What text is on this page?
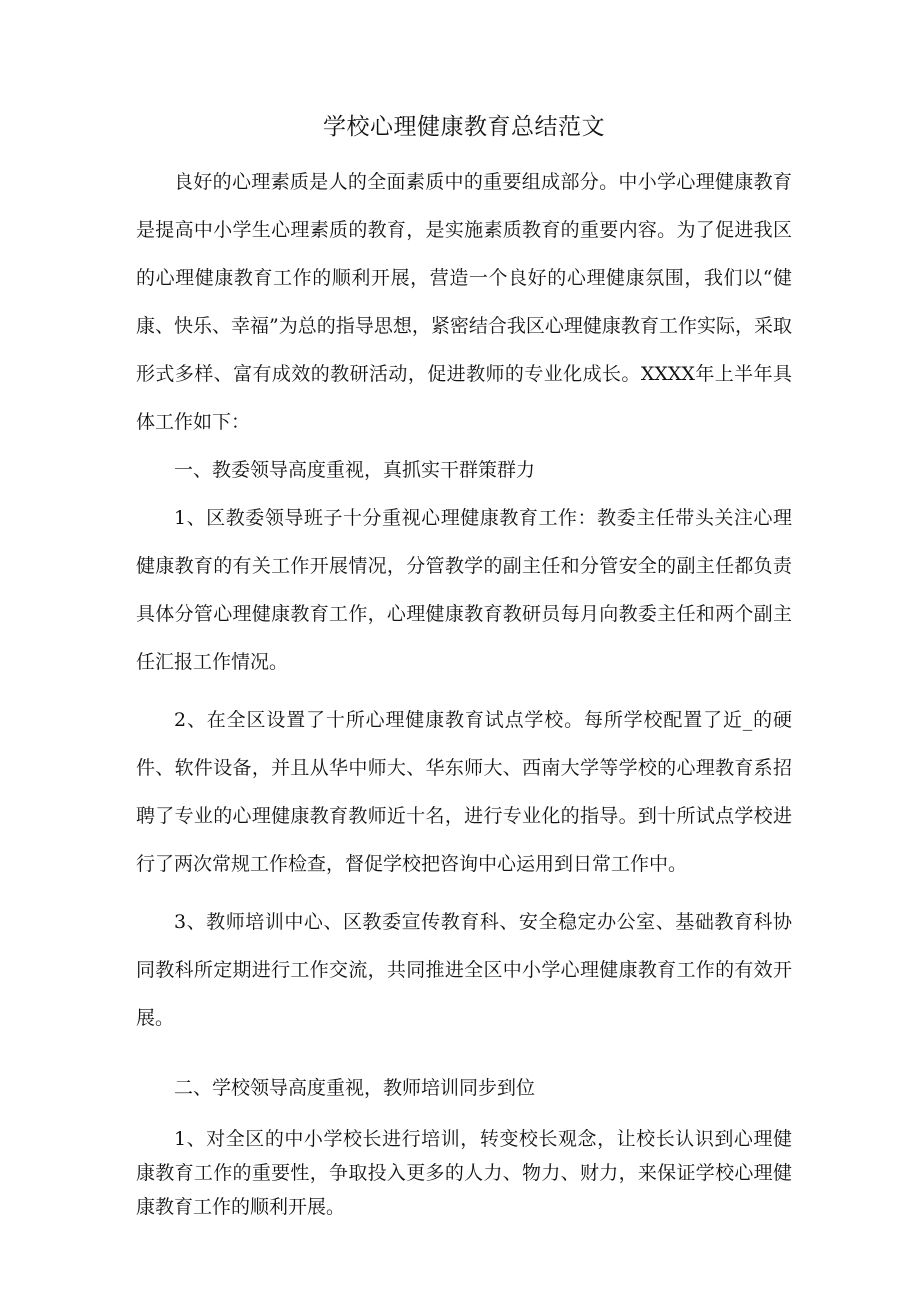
学校心理健康教育总结范文

良好的心理素质是人的全面素质中的重要组成部分。中小学心理健康教育是提高中小学生心理素质的教育，是实施素质教育的重要内容。为了促进我区的心理健康教育工作的顺利开展，营造一个良好的心理健康氛围，我们以“健康、快乐、幸福”为总的指导思想，紧密结合我区心理健康教育工作实际，采取形式多样、富有成效的教研活动，促进教师的专业化成长。XXXX年上半年具体工作如下：

一、教委领导高度重视，真抓实干群策群力

1、区教委领导班子十分重视心理健康教育工作：教委主任带头关注心理健康教育的有关工作开展情况，分管教学的副主任和分管安全的副主任都负责具体分管心理健康教育工作，心理健康教育教研员每月向教委主任和两个副主任汇报工作情况。

2、在全区设置了十所心理健康教育试点学校。每所学校配置了近_的硬件、软件设备，并且从华中师大、华东师大、西南大学等学校的心理教育系招聘了专业的心理健康教育教师近十名，进行专业化的指导。到十所试点学校进行了两次常规工作检查，督促学校把咨询中心运用到日常工作中。

3、教师培训中心、区教委宣传教育科、安全稳定办公室、基础教育科协同教科所定期进行工作交流，共同推进全区中小学心理健康教育工作的有效开展。

二、学校领导高度重视，教师培训同步到位

1、对全区的中小学校长进行培训，转变校长观念，让校长认识到心理健康教育工作的重要性，争取投入更多的人力、物力、财力，来保证学校心理健康教育工作的顺利开展。
